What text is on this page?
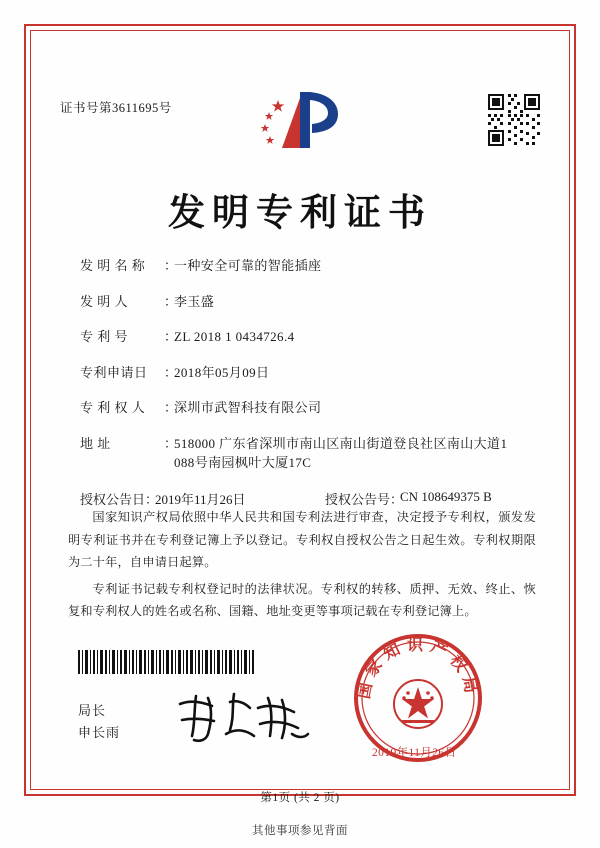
证书号第3611695号
发明专利证书
发 明 名 称	：
一种安全可靠的智能插座
发 明 人	：
李玉盛
专 利 号	：
ZL 2018 1 0434726.4
专利申请日	：
2018年05月09日
专 利 权 人	：
深圳市武智科技有限公司
地 址	：
518000 广东省深圳市南山区南山街道登良社区南山大道1
088号南园枫叶大厦17C
授权公告日 ：
2019年11月26日	授权公告号 ：
CN 108649375 B

国家知识产权局依照中华人民共和国专利法进行审查，决定授予专利权，颁发发明专利证书并在专利登记簿上予以登记。专利权自授权公告之日起生效。专利权期限为二十年，自申请日起算。

专利证书记载专利权登记时的法律状况。专利权的转移、质押、无效、终止、恢复和专利权人的姓名或名称、国籍、地址变更等事项记载在专利登记簿上。

国家知识产权局
2019年11月26日
局长
申长雨
第1页 (共 2 页)
其他事项参见背面
